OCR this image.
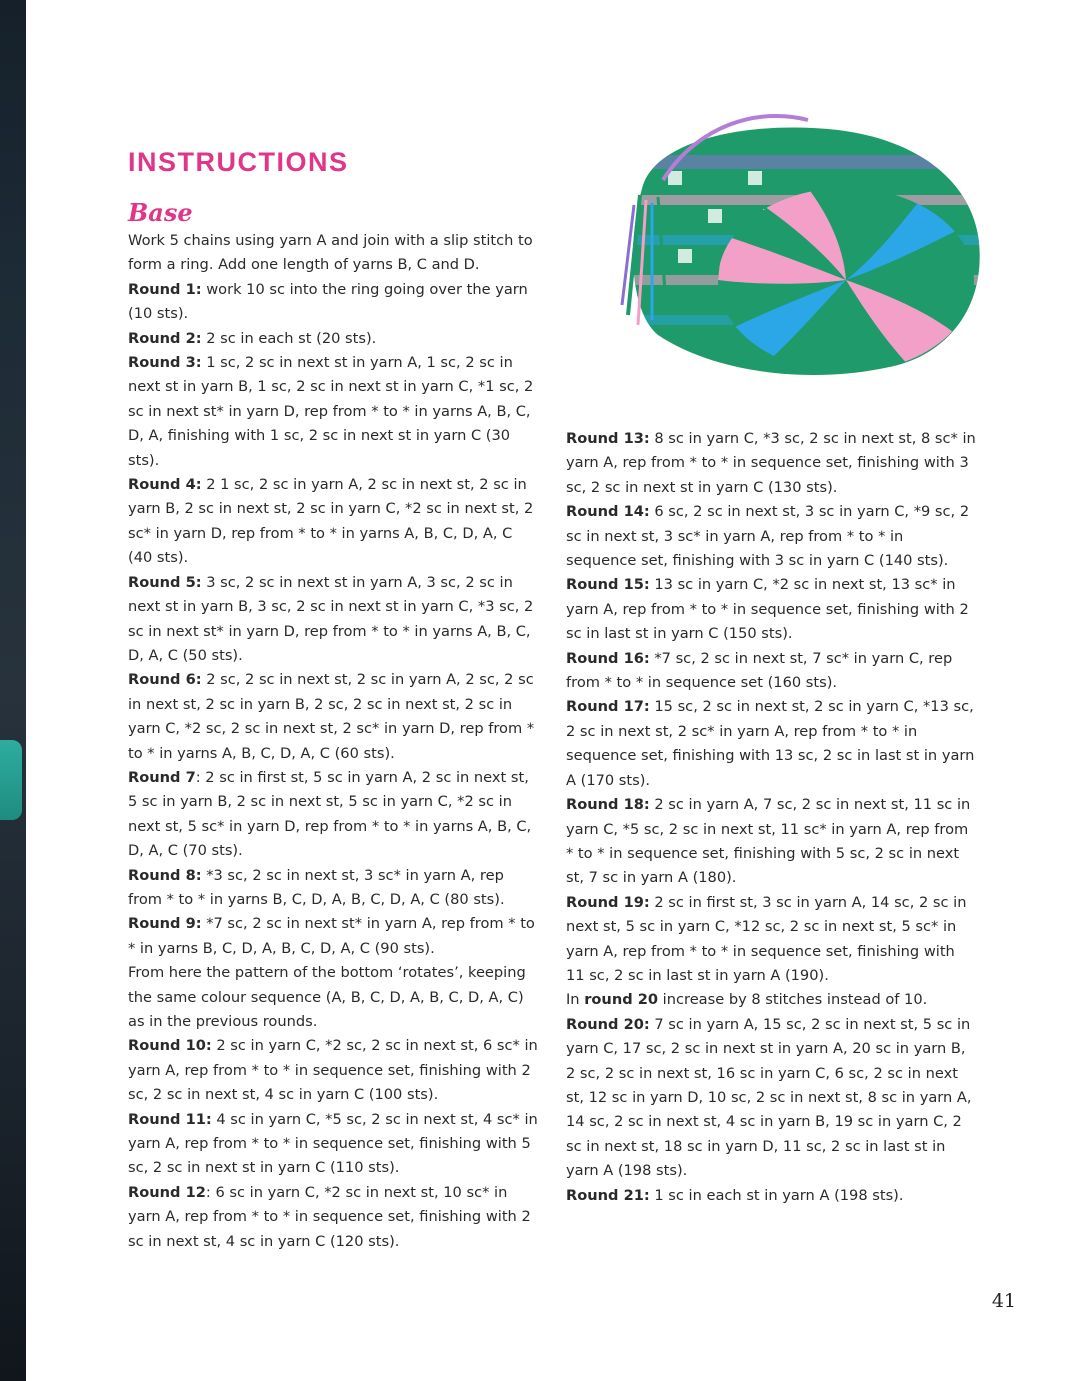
INSTRUCTIONS
Base

Work 5 chains using yarn A and join with a slip stitch to form a ring. Add one length of yarns B, C and D.

Round 1: work 10 sc into the ring going over the yarn (10 sts).

Round 2: 2 sc in each st (20 sts).

Round 3: 1 sc, 2 sc in next st in yarn A, 1 sc, 2 sc in next st in yarn B, 1 sc, 2 sc in next st in yarn C, *1 sc, 2 sc in next st* in yarn D, rep from * to * in yarns A, B, C, D, A, finishing with 1 sc, 2 sc in next st in yarn C (30 sts).

Round 4: 2 1 sc, 2 sc in yarn A, 2 sc in next st, 2 sc in yarn B, 2 sc in next st, 2 sc in yarn C, *2 sc in next st, 2 sc* in yarn D, rep from * to * in yarns A, B, C, D, A, C (40 sts).

Round 5: 3 sc, 2 sc in next st in yarn A, 3 sc, 2 sc in next st in yarn B, 3 sc, 2 sc in next st in yarn C, *3 sc, 2 sc in next st* in yarn D, rep from * to * in yarns A, B, C, D, A, C (50 sts).

Round 6: 2 sc, 2 sc in next st, 2 sc in yarn A, 2 sc, 2 sc in next st, 2 sc in yarn B, 2 sc, 2 sc in next st, 2 sc in yarn C, *2 sc, 2 sc in next st, 2 sc* in yarn D, rep from * to * in yarns A, B, C, D, A, C (60 sts).

Round 7: 2 sc in first st, 5 sc in yarn A, 2 sc in next st, 5 sc in yarn B, 2 sc in next st, 5 sc in yarn C, *2 sc in next st, 5 sc* in yarn D, rep from * to * in yarns A, B, C, D, A, C (70 sts).

Round 8: *3 sc, 2 sc in next st, 3 sc* in yarn A, rep from * to * in yarns B, C, D, A, B, C, D, A, C (80 sts).

Round 9: *7 sc, 2 sc in next st* in yarn A, rep from * to * in yarns B, C, D, A, B, C, D, A, C (90 sts).

From here the pattern of the bottom ‘rotates’, keeping the same colour sequence (A, B, C, D, A, B, C, D, A, C) as in the previous rounds.

Round 10: 2 sc in yarn C, *2 sc, 2 sc in next st, 6 sc* in yarn A, rep from * to * in sequence set, finishing with 2 sc, 2 sc in next st, 4 sc in yarn C (100 sts).

Round 11: 4 sc in yarn C, *5 sc, 2 sc in next st, 4 sc* in yarn A, rep from * to * in sequence set, finishing with 5 sc, 2 sc in next st in yarn C (110 sts).

Round 12: 6 sc in yarn C, *2 sc in next st, 10 sc* in yarn A, rep from * to * in sequence set, finishing with 2 sc in next st, 4 sc in yarn C (120 sts).

Round 13: 8 sc in yarn C, *3 sc, 2 sc in next st, 8 sc* in yarn A, rep from * to * in sequence set, finishing with 3 sc, 2 sc in next st in yarn C (130 sts).

Round 14: 6 sc, 2 sc in next st, 3 sc in yarn C, *9 sc, 2 sc in next st, 3 sc* in yarn A, rep from * to * in sequence set, finishing with 3 sc in yarn C (140 sts).

Round 15: 13 sc in yarn C, *2 sc in next st, 13 sc* in yarn A, rep from * to * in sequence set, finishing with 2 sc in last st in yarn C (150 sts).

Round 16: *7 sc, 2 sc in next st, 7 sc* in yarn C, rep from * to * in sequence set (160 sts).

Round 17: 15 sc, 2 sc in next st, 2 sc in yarn C, *13 sc, 2 sc in next st, 2 sc* in yarn A, rep from * to * in sequence set, finishing with 13 sc, 2 sc in last st in yarn A (170 sts).

Round 18: 2 sc in yarn A, 7 sc, 2 sc in next st, 11 sc in yarn C, *5 sc, 2 sc in next st, 11 sc* in yarn A, rep from * to * in sequence set, finishing with 5 sc, 2 sc in next st, 7 sc in yarn A (180).

Round 19: 2 sc in first st, 3 sc in yarn A, 14 sc, 2 sc in next st, 5 sc in yarn C, *12 sc, 2 sc in next st, 5 sc* in yarn A, rep from * to * in sequence set, finishing with 11 sc, 2 sc in last st in yarn A (190).

In round 20 increase by 8 stitches instead of 10.

Round 20: 7 sc in yarn A, 15 sc, 2 sc in next st, 5 sc in yarn C, 17 sc, 2 sc in next st in yarn A, 20 sc in yarn B, 2 sc, 2 sc in next st, 16 sc in yarn C, 6 sc, 2 sc in next st, 12 sc in yarn D, 10 sc, 2 sc in next st, 8 sc in yarn A, 14 sc, 2 sc in next st, 4 sc in yarn B, 19 sc in yarn C, 2 sc in next st, 18 sc in yarn D, 11 sc, 2 sc in last st in yarn A (198 sts).

Round 21: 1 sc in each st in yarn A (198 sts).

41
